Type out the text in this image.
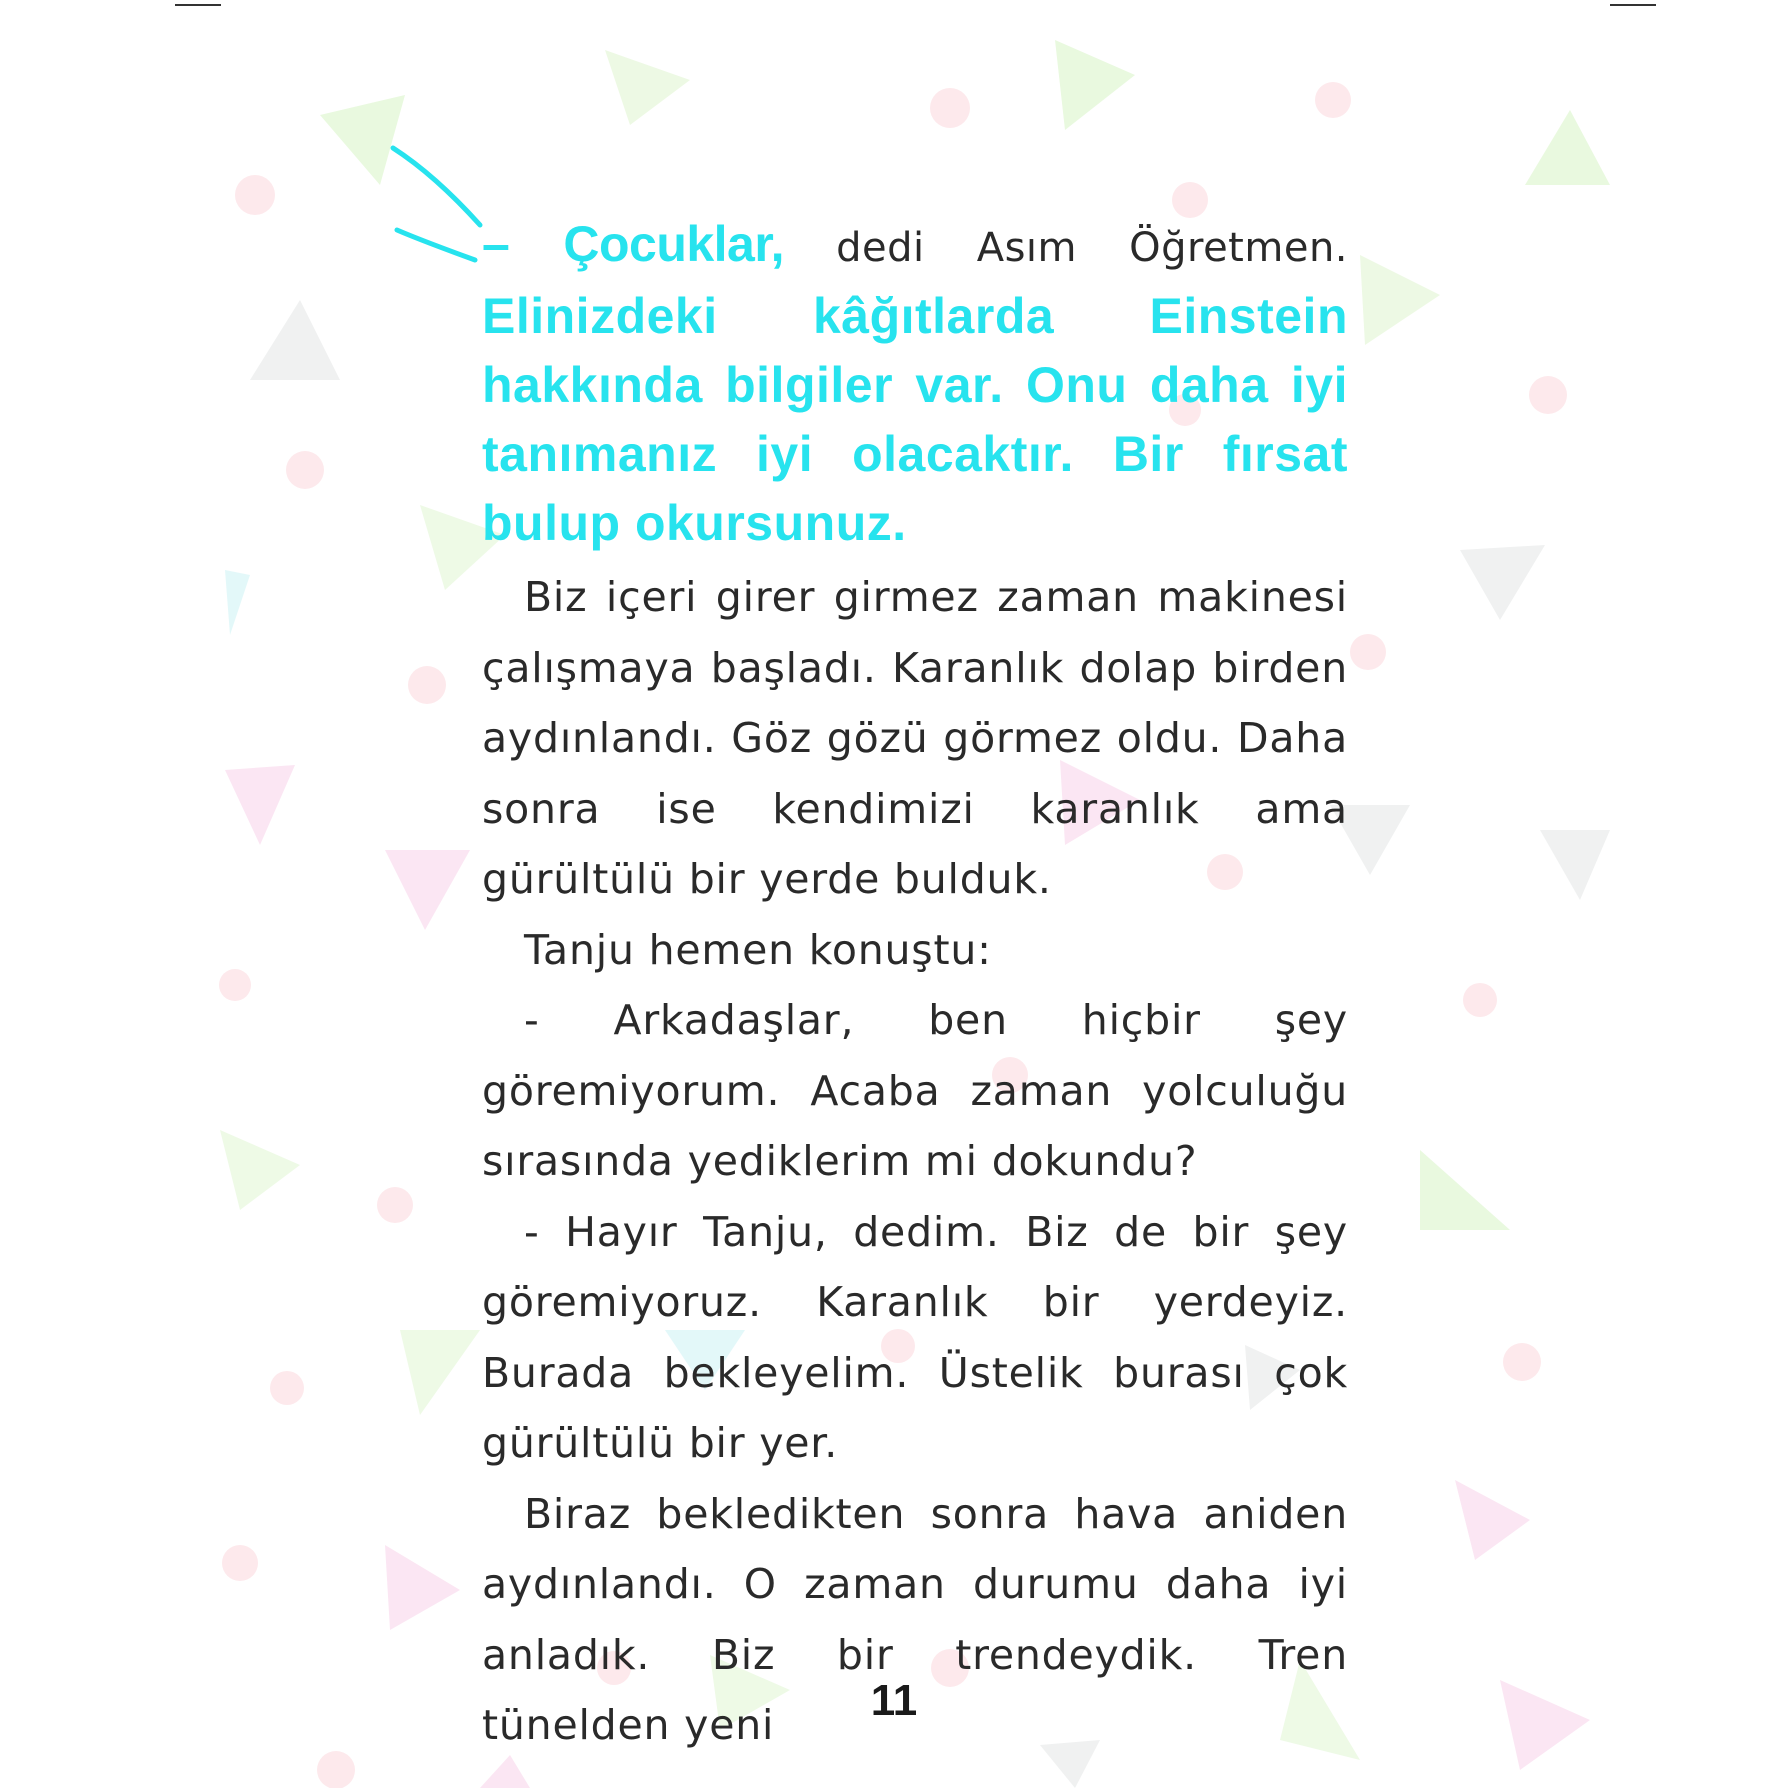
– Çocuklar, dedi Asım Öğretmen. Elinizdeki kâğıtlarda Einstein hakkında bilgiler var. Onu daha iyi tanımanız iyi olacaktır. Bir fırsat bulup okursunuz.

Biz içeri girer girmez zaman makinesi çalışmaya başladı. Karanlık dolap birden aydınlandı. Göz gözü görmez oldu. Daha sonra ise kendimizi karanlık ama gürültülü bir yerde bulduk.

Tanju hemen konuştu:

- Arkadaşlar, ben hiçbir şey göremiyorum. Acaba zaman yolculuğu sırasında yediklerim mi dokundu?

- Hayır Tanju, dedim. Biz de bir şey göremiyoruz. Karanlık bir yerdeyiz. Burada bekleyelim. Üstelik burası çok gürültülü bir yer.

Biraz bekledikten sonra hava aniden aydınlandı. O zaman durumu daha iyi anladık. Biz bir trendeydik. Tren tünelden yeni	11
